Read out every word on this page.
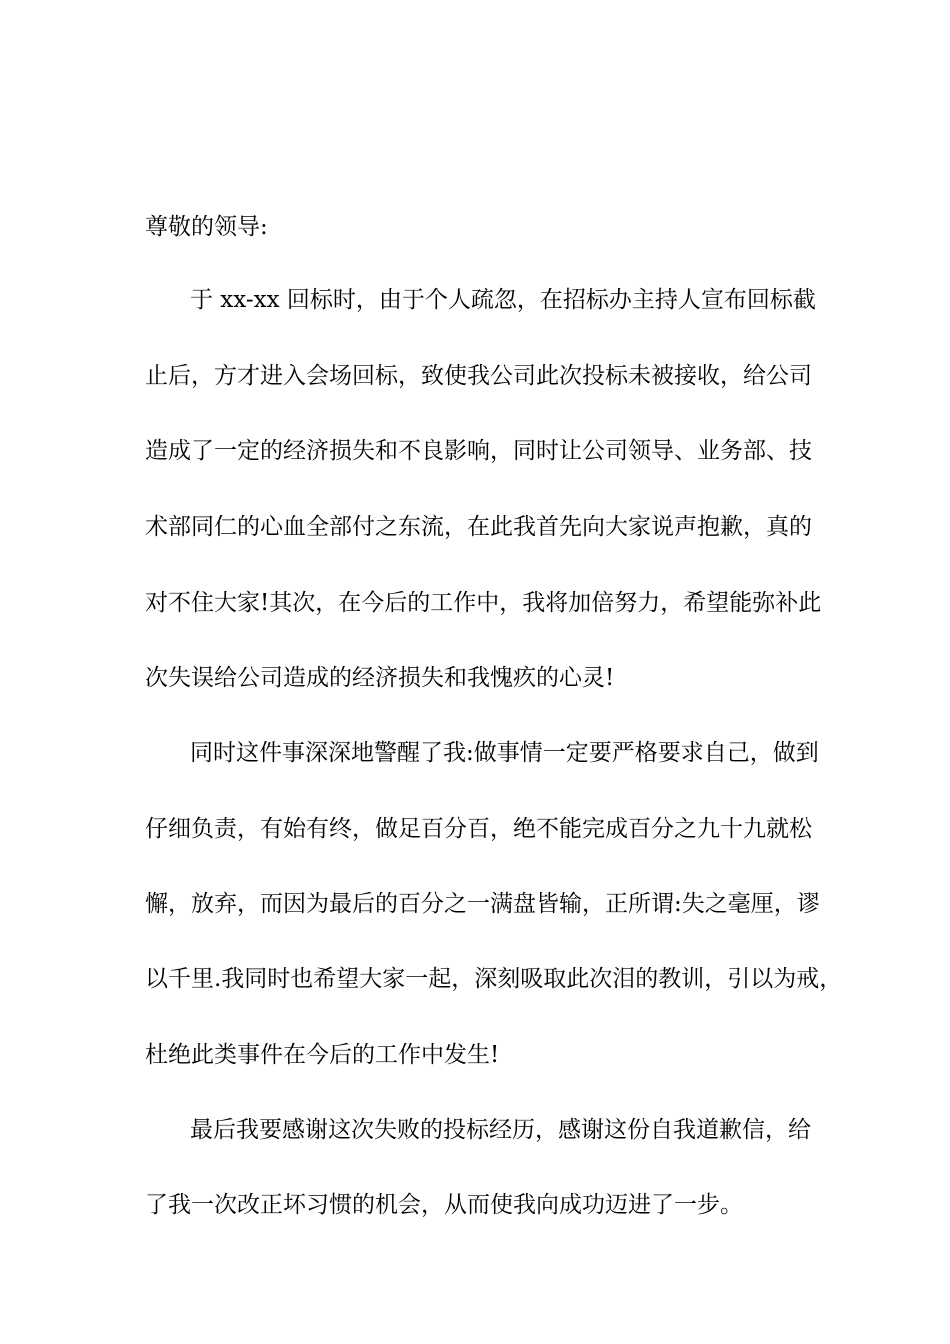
尊敬的领导:
于 xx-xx 回标时，由于个人疏忽，在招标办主持人宣布回标截
止后，方才进入会场回标，致使我公司此次投标未被接收，给公司
造成了一定的经济损失和不良影响，同时让公司领导、业务部、技
术部同仁的心血全部付之东流，在此我首先向大家说声抱歉，真的
对不住大家!其次，在今后的工作中，我将加倍努力，希望能弥补此
次失误给公司造成的经济损失和我愧疚的心灵!
同时这件事深深地警醒了我:做事情一定要严格要求自己，做到
仔细负责，有始有终，做足百分百，绝不能完成百分之九十九就松
懈，放弃，而因为最后的百分之一满盘皆输，正所谓:失之毫厘，谬
以千里.我同时也希望大家一起，深刻吸取此次泪的教训，引以为戒，
杜绝此类事件在今后的工作中发生!
最后我要感谢这次失败的投标经历，感谢这份自我道歉信，给
了我一次改正坏习惯的机会，从而使我向成功迈进了一步。
